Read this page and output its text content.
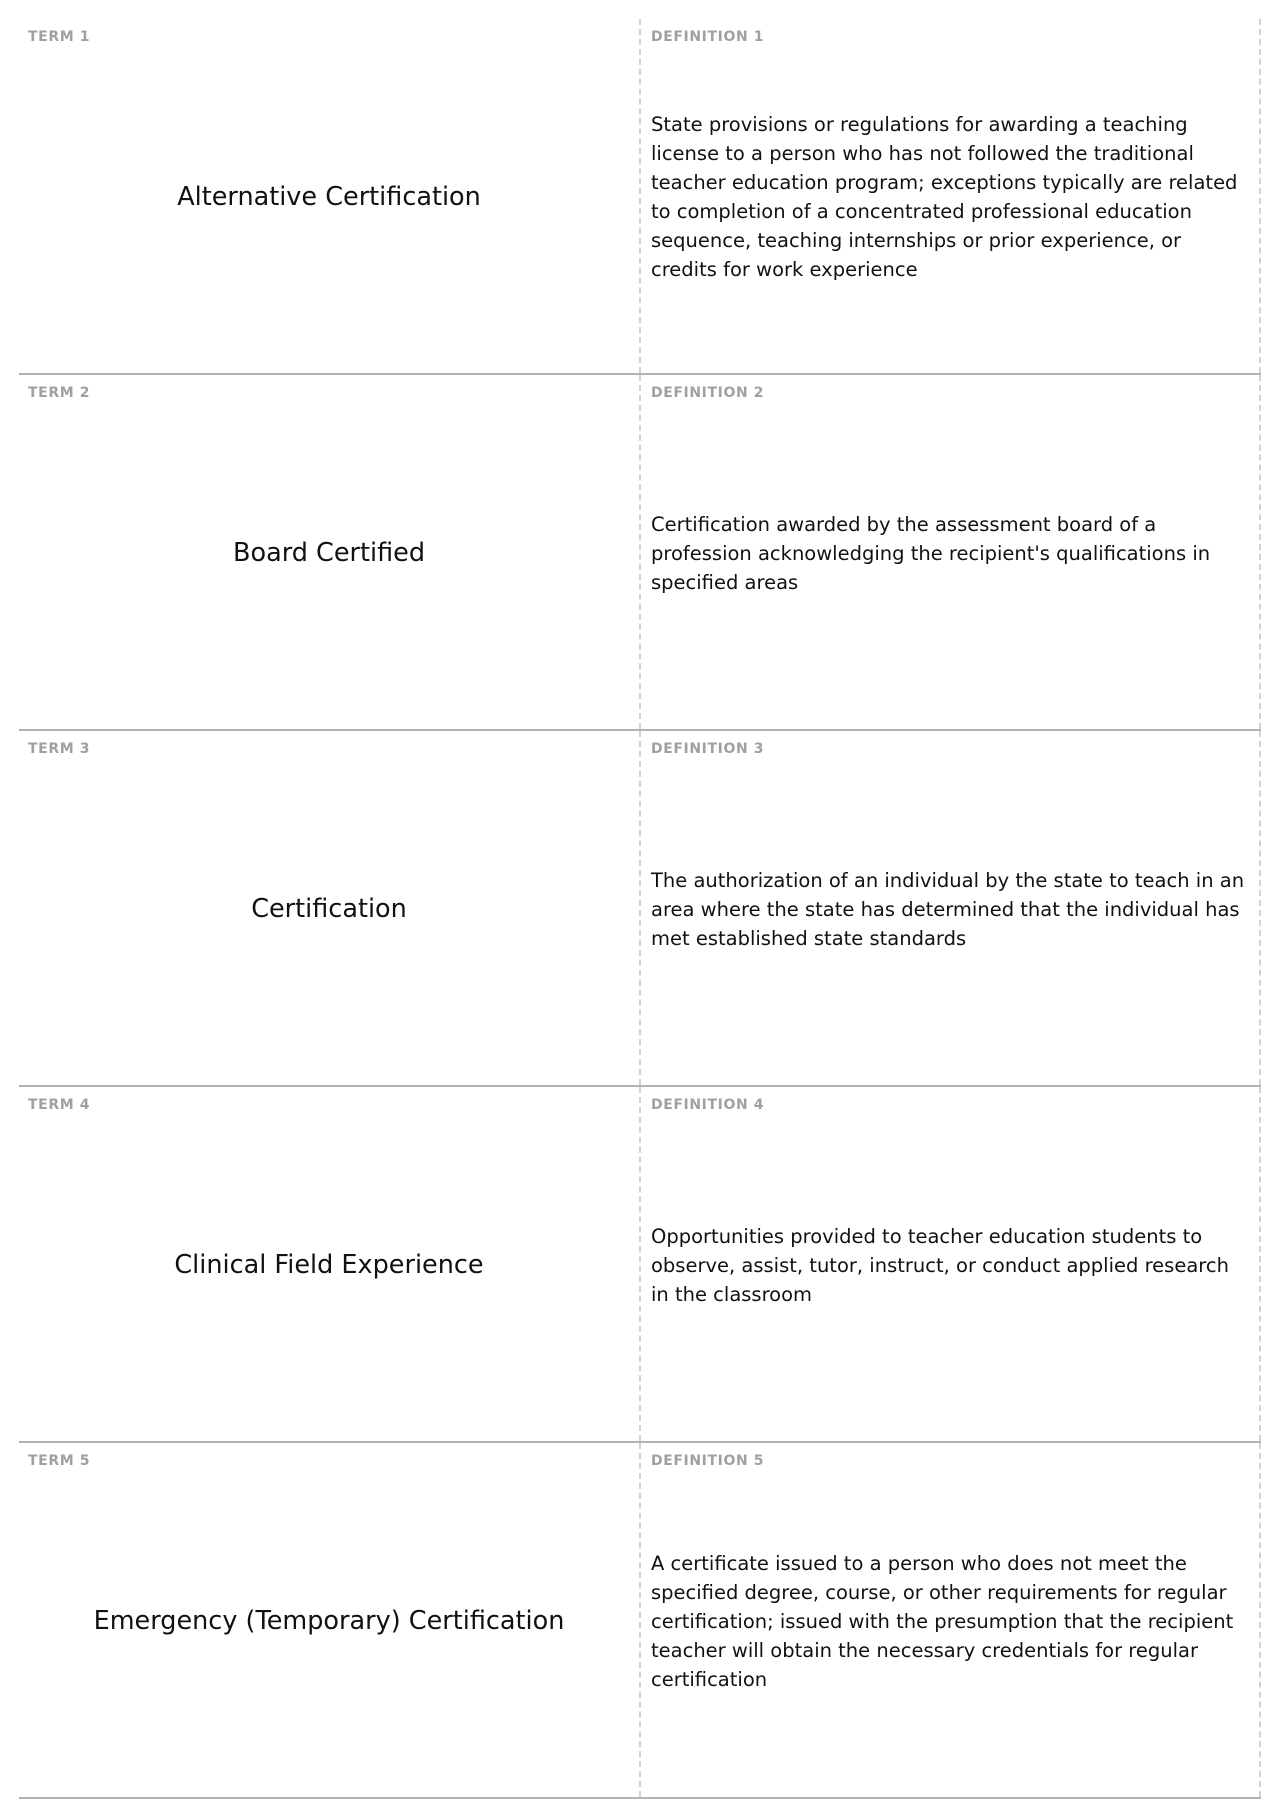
TERM 1
Alternative Certification
DEFINITION 1
State provisions or regulations for awarding a teaching license to a person who has not followed the traditional teacher education program; exceptions typically are related to completion of a concentrated professional education sequence, teaching internships or prior experience, or credits for work experience
TERM 2
Board Certified
DEFINITION 2
Certification awarded by the assessment board of a profession acknowledging the recipient's qualifications in specified areas
TERM 3
Certification
DEFINITION 3
The authorization of an individual by the state to teach in an area where the state has determined that the individual has met established state standards
TERM 4
Clinical Field Experience
DEFINITION 4
Opportunities provided to teacher education students to observe, assist, tutor, instruct, or conduct applied research in the classroom
TERM 5
Emergency (Temporary) Certification
DEFINITION 5
A certificate issued to a person who does not meet the specified degree, course, or other requirements for regular certification; issued with the presumption that the recipient teacher will obtain the necessary credentials for regular certification
